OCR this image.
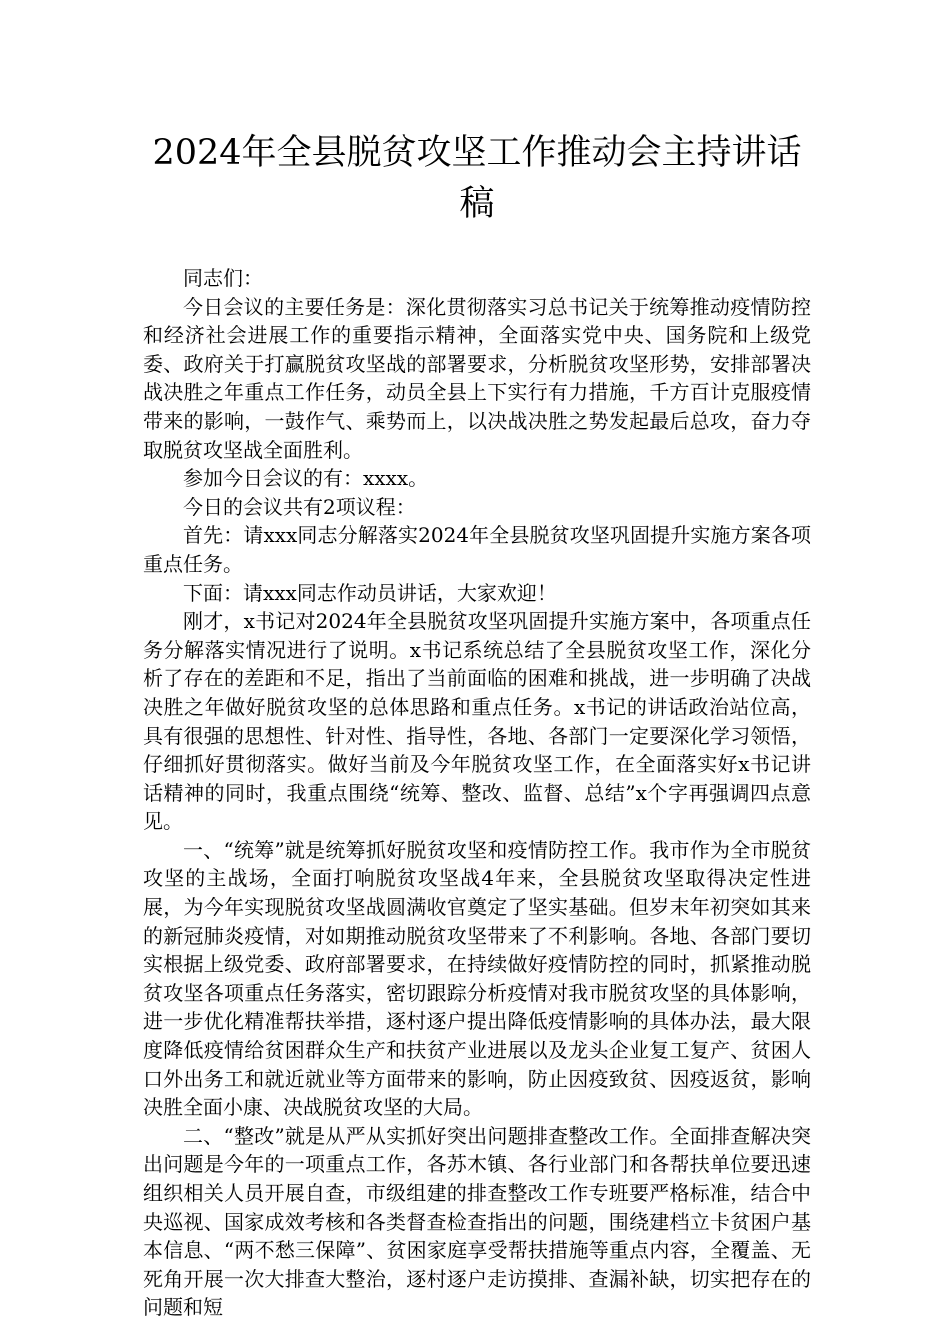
2024年全县脱贫攻坚工作推动会主持讲话稿

同志们：

今日会议的主要任务是：深化贯彻落实习总书记关于统筹推动疫情防控和经济社会进展工作的重要指示精神，全面落实党中央、国务院和上级党委、政府关于打赢脱贫攻坚战的部署要求，分析脱贫攻坚形势，安排部署决战决胜之年重点工作任务，动员全县上下实行有力措施，千方百计克服疫情带来的影响，一鼓作气、乘势而上，以决战决胜之势发起最后总攻，奋力夺取脱贫攻坚战全面胜利。

参加今日会议的有：xxxx。

今日的会议共有2项议程：

首先：请xxx同志分解落实2024年全县脱贫攻坚巩固提升实施方案各项重点任务。

下面：请xxx同志作动员讲话，大家欢迎！

刚才，x书记对2024年全县脱贫攻坚巩固提升实施方案中，各项重点任务分解落实情况进行了说明。x书记系统总结了全县脱贫攻坚工作，深化分析了存在的差距和不足，指出了当前面临的困难和挑战，进一步明确了决战决胜之年做好脱贫攻坚的总体思路和重点任务。x书记的讲话政治站位高，具有很强的思想性、针对性、指导性，各地、各部门一定要深化学习领悟，仔细抓好贯彻落实。做好当前及今年脱贫攻坚工作，在全面落实好x书记讲话精神的同时，我重点围绕“统筹、整改、监督、总结”x个字再强调四点意见。

一、“统筹”就是统筹抓好脱贫攻坚和疫情防控工作。我市作为全市脱贫攻坚的主战场，全面打响脱贫攻坚战4年来，全县脱贫攻坚取得决定性进展，为今年实现脱贫攻坚战圆满收官奠定了坚实基础。但岁末年初突如其来的新冠肺炎疫情，对如期推动脱贫攻坚带来了不利影响。各地、各部门要切实根据上级党委、政府部署要求，在持续做好疫情防控的同时，抓紧推动脱贫攻坚各项重点任务落实，密切跟踪分析疫情对我市脱贫攻坚的具体影响，进一步优化精准帮扶举措，逐村逐户提出降低疫情影响的具体办法，最大限度降低疫情给贫困群众生产和扶贫产业进展以及龙头企业复工复产、贫困人口外出务工和就近就业等方面带来的影响，防止因疫致贫、因疫返贫，影响决胜全面小康、决战脱贫攻坚的大局。

二、“整改”就是从严从实抓好突出问题排查整改工作。全面排查解决突出问题是今年的一项重点工作，各苏木镇、各行业部门和各帮扶单位要迅速组织相关人员开展自查，市级组建的排查整改工作专班要严格标准，结合中央巡视、国家成效考核和各类督查检查指出的问题，围绕建档立卡贫困户基本信息、“两不愁三保障”、贫困家庭享受帮扶措施等重点内容，全覆盖、无死角开展一次大排查大整治，逐村逐户走访摸排、查漏补缺，切实把存在的问题和短
